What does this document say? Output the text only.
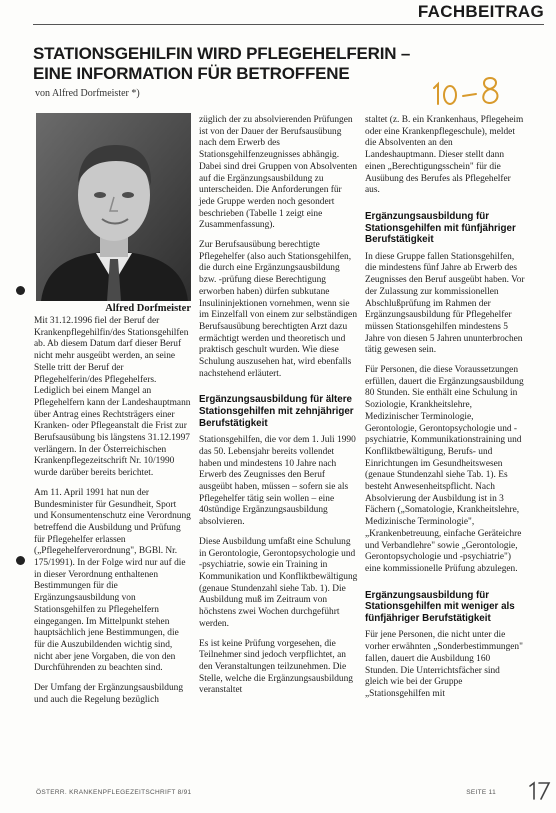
FACHBEITRAG
STATIONSGEHILFIN WIRD PFLEGEHELFERIN –
EINE INFORMATION FÜR BETROFFENE
von Alfred Dorfmeister *)
Alfred Dorfmeister

Mit 31.12.1996 fiel der Beruf der Krankenpflegehilfin/des Stationsgehilfen ab. Ab diesem Datum darf dieser Beruf nicht mehr ausgeübt werden, an seine Stelle tritt der Beruf der Pflegehelferin/des Pflegehelfers. Lediglich bei einem Mangel an Pflegehelfern kann der Landeshauptmann über Antrag eines Rechtsträgers einer Kranken- oder Pflegeanstalt die Frist zur Berufsausübung bis längstens 31.12.1997 verlängern. In der Österreichischen Krankenpflegezeitschrift Nr. 10/1990 wurde darüber bereits berichtet.

Am 11. April 1991 hat nun der Bundesminister für Gesundheit, Sport und Konsumentenschutz eine Verordnung betreffend die Ausbildung und Prüfung für Pflegehelfer erlassen („Pflegehelferverordnung", BGBl. Nr. 175/1991). In der Folge wird nur auf die in dieser Verordnung enthaltenen Bestimmungen für die Ergänzungsausbildung von Stationsgehilfen zu Pflegehelfern eingegangen. Im Mittelpunkt stehen hauptsächlich jene Bestimmungen, die für die Auszubildenden wichtig sind, nicht aber jene Vorgaben, die von den Durchführenden zu beachten sind.

Der Umfang der Ergänzungsausbildung und auch die Regelung bezüglich

züglich der zu absolvierenden Prüfungen ist von der Dauer der Berufsausübung nach dem Erwerb des Stationsgehilfenzeugnisses abhängig. Dabei sind drei Gruppen von Absolventen auf die Ergänzungsausbildung zu unterscheiden. Die Anforderungen für jede Gruppe werden noch gesondert beschrieben (Tabelle 1 zeigt eine Zusammenfassung).

Zur Berufsausübung berechtigte Pflegehelfer (also auch Stationsgehilfen, die durch eine Ergänzungsausbildung bzw. -prüfung diese Berechtigung erworben haben) dürfen subkutane Insulininjektionen vornehmen, wenn sie im Einzelfall von einem zur selbständigen Berufsausübung berechtigten Arzt dazu ermächtigt werden und theoretisch und praktisch geschult wurden. Wie diese Schulung auszusehen hat, wird ebenfalls nachstehend erläutert.

Ergänzungsausbildung für ältere Stationsgehilfen mit zehnjähriger Berufstätigkeit

Stationsgehilfen, die vor dem 1. Juli 1990 das 50. Lebensjahr bereits vollendet haben und mindestens 10 Jahre nach Erwerb des Zeugnisses den Beruf ausgeübt haben, müssen – sofern sie als Pflegehelfer tätig sein wollen – eine 40stündige Ergänzungsausbildung absolvieren.

Diese Ausbildung umfaßt eine Schulung in Gerontologie, Gerontopsychologie und -psychiatrie, sowie ein Training in Kommunikation und Konfliktbewältigung (genaue Stundenzahl siehe Tab. 1). Die Ausbildung muß im Zeitraum von höchstens zwei Wochen durchgeführt werden.

Es ist keine Prüfung vorgesehen, die Teilnehmer sind jedoch verpflichtet, an den Veranstaltungen teilzunehmen. Die Stelle, welche die Ergänzungsausbildung veranstaltet

staltet (z. B. ein Krankenhaus, Pflegeheim oder eine Krankenpflegeschule), meldet die Absolventen an den Landeshauptmann. Dieser stellt dann einen „Berechtigungsschein" für die Ausübung des Berufes als Pflegehelfer aus.

Ergänzungsausbildung für Stationsgehilfen mit fünfjähriger Berufstätigkeit

In diese Gruppe fallen Stationsgehilfen, die mindestens fünf Jahre ab Erwerb des Zeugnisses den Beruf ausgeübt haben. Vor der Zulassung zur kommissionellen Abschlußprüfung im Rahmen der Ergänzungsausbildung für Pflegehelfer müssen Stationsgehilfen mindestens 5 Jahre von diesen 5 Jahren ununterbrochen tätig gewesen sein.

Für Personen, die diese Voraussetzungen erfüllen, dauert die Ergänzungsausbildung 80 Stunden. Sie enthält eine Schulung in Soziologie, Krankheitslehre, Medizinischer Terminologie, Gerontologie, Gerontopsychologie und -psychiatrie, Kommunikationstraining und Konfliktbewältigung, Berufs- und Einrichtungen im Gesundheitswesen (genaue Stundenzahl siehe Tab. 1). Es besteht Anwesenheitspflicht. Nach Absolvierung der Ausbildung ist in 3 Fächern („Somatologie, Krankheitslehre, Medizinische Terminologie", „Krankenbetreuung, einfache Geräteichre und Verbandlehre" sowie „Gerontologie, Gerontopsychologie und -psychiatrie") eine kommissionelle Prüfung abzulegen.

Ergänzungsausbildung für Stationsgehilfen mit weniger als fünfjähriger Berufstätigkeit

Für jene Personen, die nicht unter die vorher erwähnten „Sonderbestimmungen" fallen, dauert die Ausbildung 160 Stunden. Die Unterrichtsfächer sind gleich wie bei der Gruppe „Stationsgehilfen mit

ÖSTERR. KRANKENPFLEGEZEITSCHRIFT 8/91	SEITE 11
